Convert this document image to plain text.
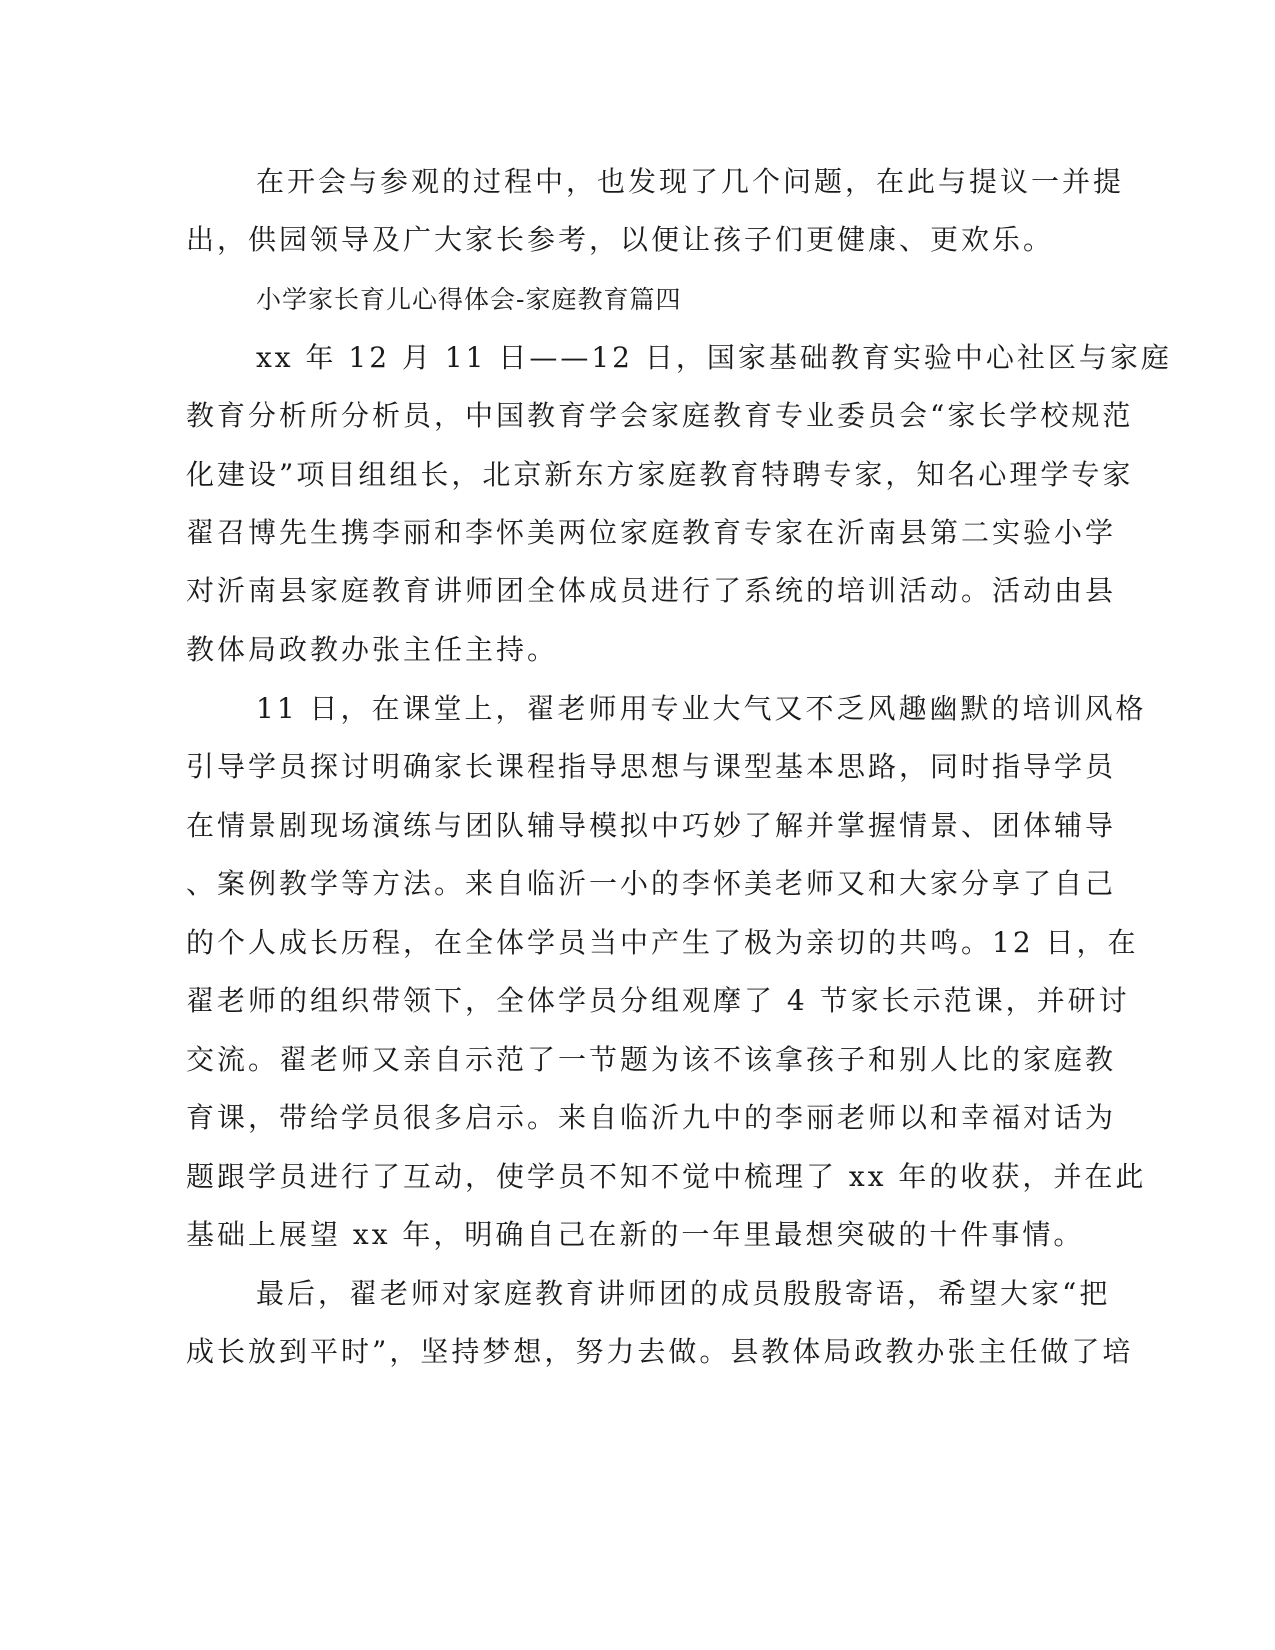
在开会与参观的过程中，也发现了几个问题，在此与提议一并提
出，供园领导及广大家长参考，以便让孩子们更健康、更欢乐。
小学家长育儿心得体会-家庭教育篇四
xx 年 12 月 11 日——12 日，国家基础教育实验中心社区与家庭
教育分析所分析员，中国教育学会家庭教育专业委员会“家长学校规范
化建设”项目组组长，北京新东方家庭教育特聘专家，知名心理学专家
翟召博先生携李丽和李怀美两位家庭教育专家在沂南县第二实验小学
对沂南县家庭教育讲师团全体成员进行了系统的培训活动。活动由县
教体局政教办张主任主持。
11 日，在课堂上，翟老师用专业大气又不乏风趣幽默的培训风格
引导学员探讨明确家长课程指导思想与课型基本思路，同时指导学员
在情景剧现场演练与团队辅导模拟中巧妙了解并掌握情景、团体辅导
、案例教学等方法。来自临沂一小的李怀美老师又和大家分享了自己
的个人成长历程，在全体学员当中产生了极为亲切的共鸣。12 日，在
翟老师的组织带领下，全体学员分组观摩了 4 节家长示范课，并研讨
交流。翟老师又亲自示范了一节题为该不该拿孩子和别人比的家庭教
育课，带给学员很多启示。来自临沂九中的李丽老师以和幸福对话为
题跟学员进行了互动，使学员不知不觉中梳理了 xx 年的收获，并在此
基础上展望 xx 年，明确自己在新的一年里最想突破的十件事情。
最后，翟老师对家庭教育讲师团的成员殷殷寄语，希望大家“把
成长放到平时”，坚持梦想，努力去做。县教体局政教办张主任做了培
